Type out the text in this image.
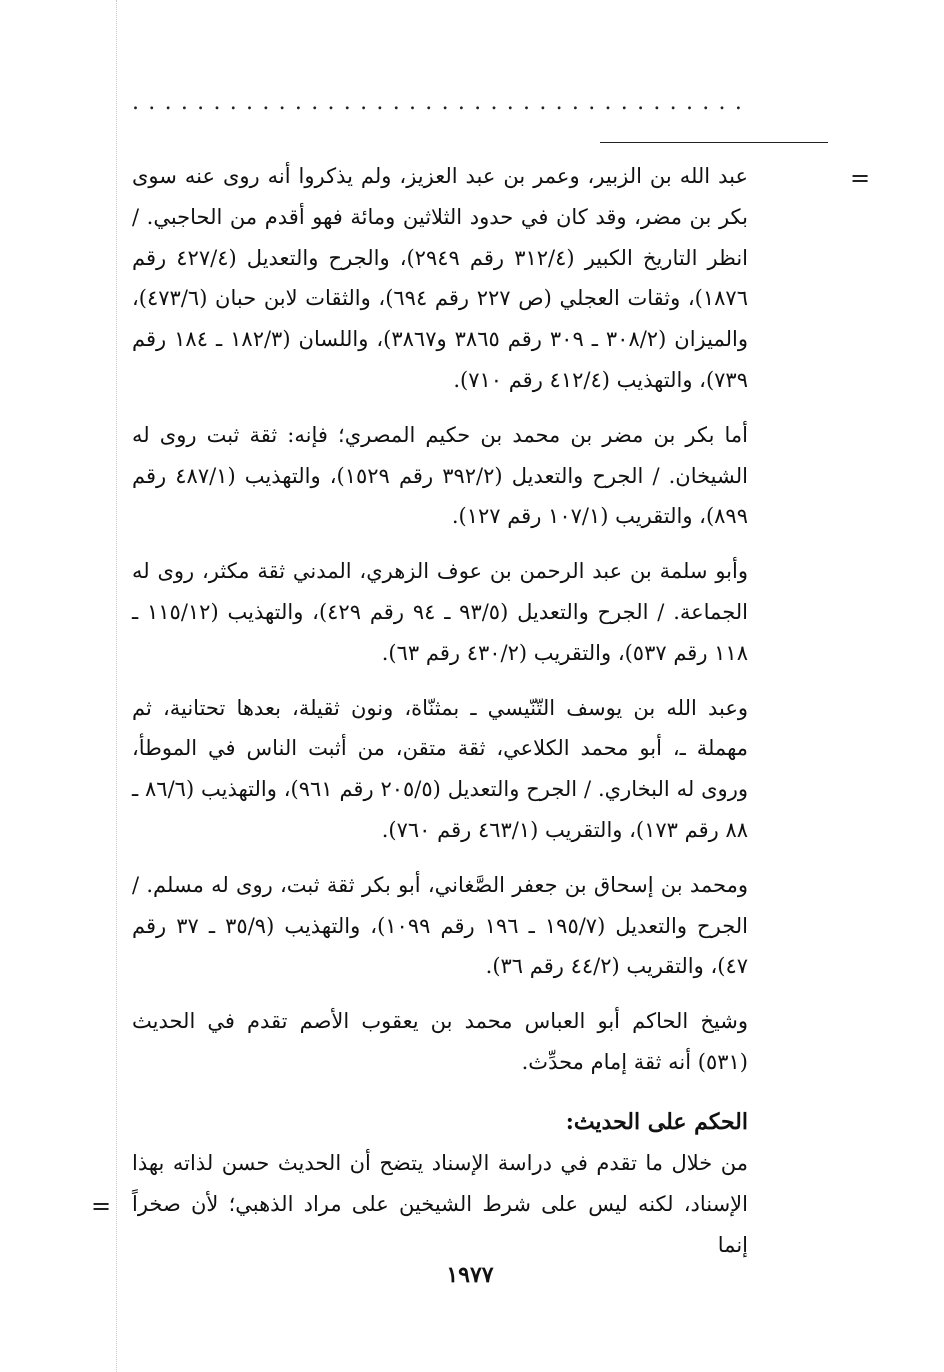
......................................
=

عبد الله بن الزبير، وعمر بن عبد العزيز، ولم يذكروا أنه روى عنه سوى بكر بن مضر، وقد كان في حدود الثلاثين ومائة فهو أقدم من الحاجبي. / انظر التاريخ الكبير (٣١٢/٤ رقم ٢٩٤٩)، والجرح والتعديل (٤٢٧/٤ رقم ١٨٧٦)، وثقات العجلي (ص ٢٢٧ رقم ٦٩٤)، والثقات لابن حبان (٤٧٣/٦)، والميزان (٣٠٨/٢ ـ ٣٠٩ رقم ٣٨٦٥ و٣٨٦٧)، واللسان (١٨٢/٣ ـ ١٨٤ رقم ٧٣٩)، والتهذيب (٤١٢/٤ رقم ٧١٠).

أما بكر بن مضر بن محمد بن حكيم المصري؛ فإنه: ثقة ثبت روى له الشيخان. / الجرح والتعديل (٣٩٢/٢ رقم ١٥٢٩)، والتهذيب (٤٨٧/١ رقم ٨٩٩)، والتقريب (١٠٧/١ رقم ١٢٧).

وأبو سلمة بن عبد الرحمن بن عوف الزهري، المدني ثقة مكثر، روى له الجماعة. / الجرح والتعديل (٩٣/٥ ـ ٩٤ رقم ٤٢٩)، والتهذيب (١١٥/١٢ ـ ١١٨ رقم ٥٣٧)، والتقريب (٤٣٠/٢ رقم ٦٣).

وعبد الله بن يوسف التّنّيسي ـ بمثنّاة، ونون ثقيلة، بعدها تحتانية، ثم مهملة ـ، أبو محمد الكلاعي، ثقة متقن، من أثبت الناس في الموطأ، وروى له البخاري. / الجرح والتعديل (٢٠٥/٥ رقم ٩٦١)، والتهذيب (٨٦/٦ ـ ٨٨ رقم ١٧٣)، والتقريب (٤٦٣/١ رقم ٧٦٠).

ومحمد بن إسحاق بن جعفر الصَّغاني، أبو بكر ثقة ثبت، روى له مسلم. / الجرح والتعديل (١٩٥/٧ ـ ١٩٦ رقم ١٠٩٩)، والتهذيب (٣٥/٩ ـ ٣٧ رقم ٤٧)، والتقريب (٤٤/٢ رقم ٣٦).

وشيخ الحاكم أبو العباس محمد بن يعقوب الأصم تقدم في الحديث (٥٣١) أنه ثقة إمام محدِّث.

الحكم على الحديث:
من خلال ما تقدم في دراسة الإسناد يتضح أن الحديث حسن لذاته بهذا الإسناد، لكنه ليس على شرط الشيخين على مراد الذهبي؛ لأن صخراً إنما
=
١٩٧٧
